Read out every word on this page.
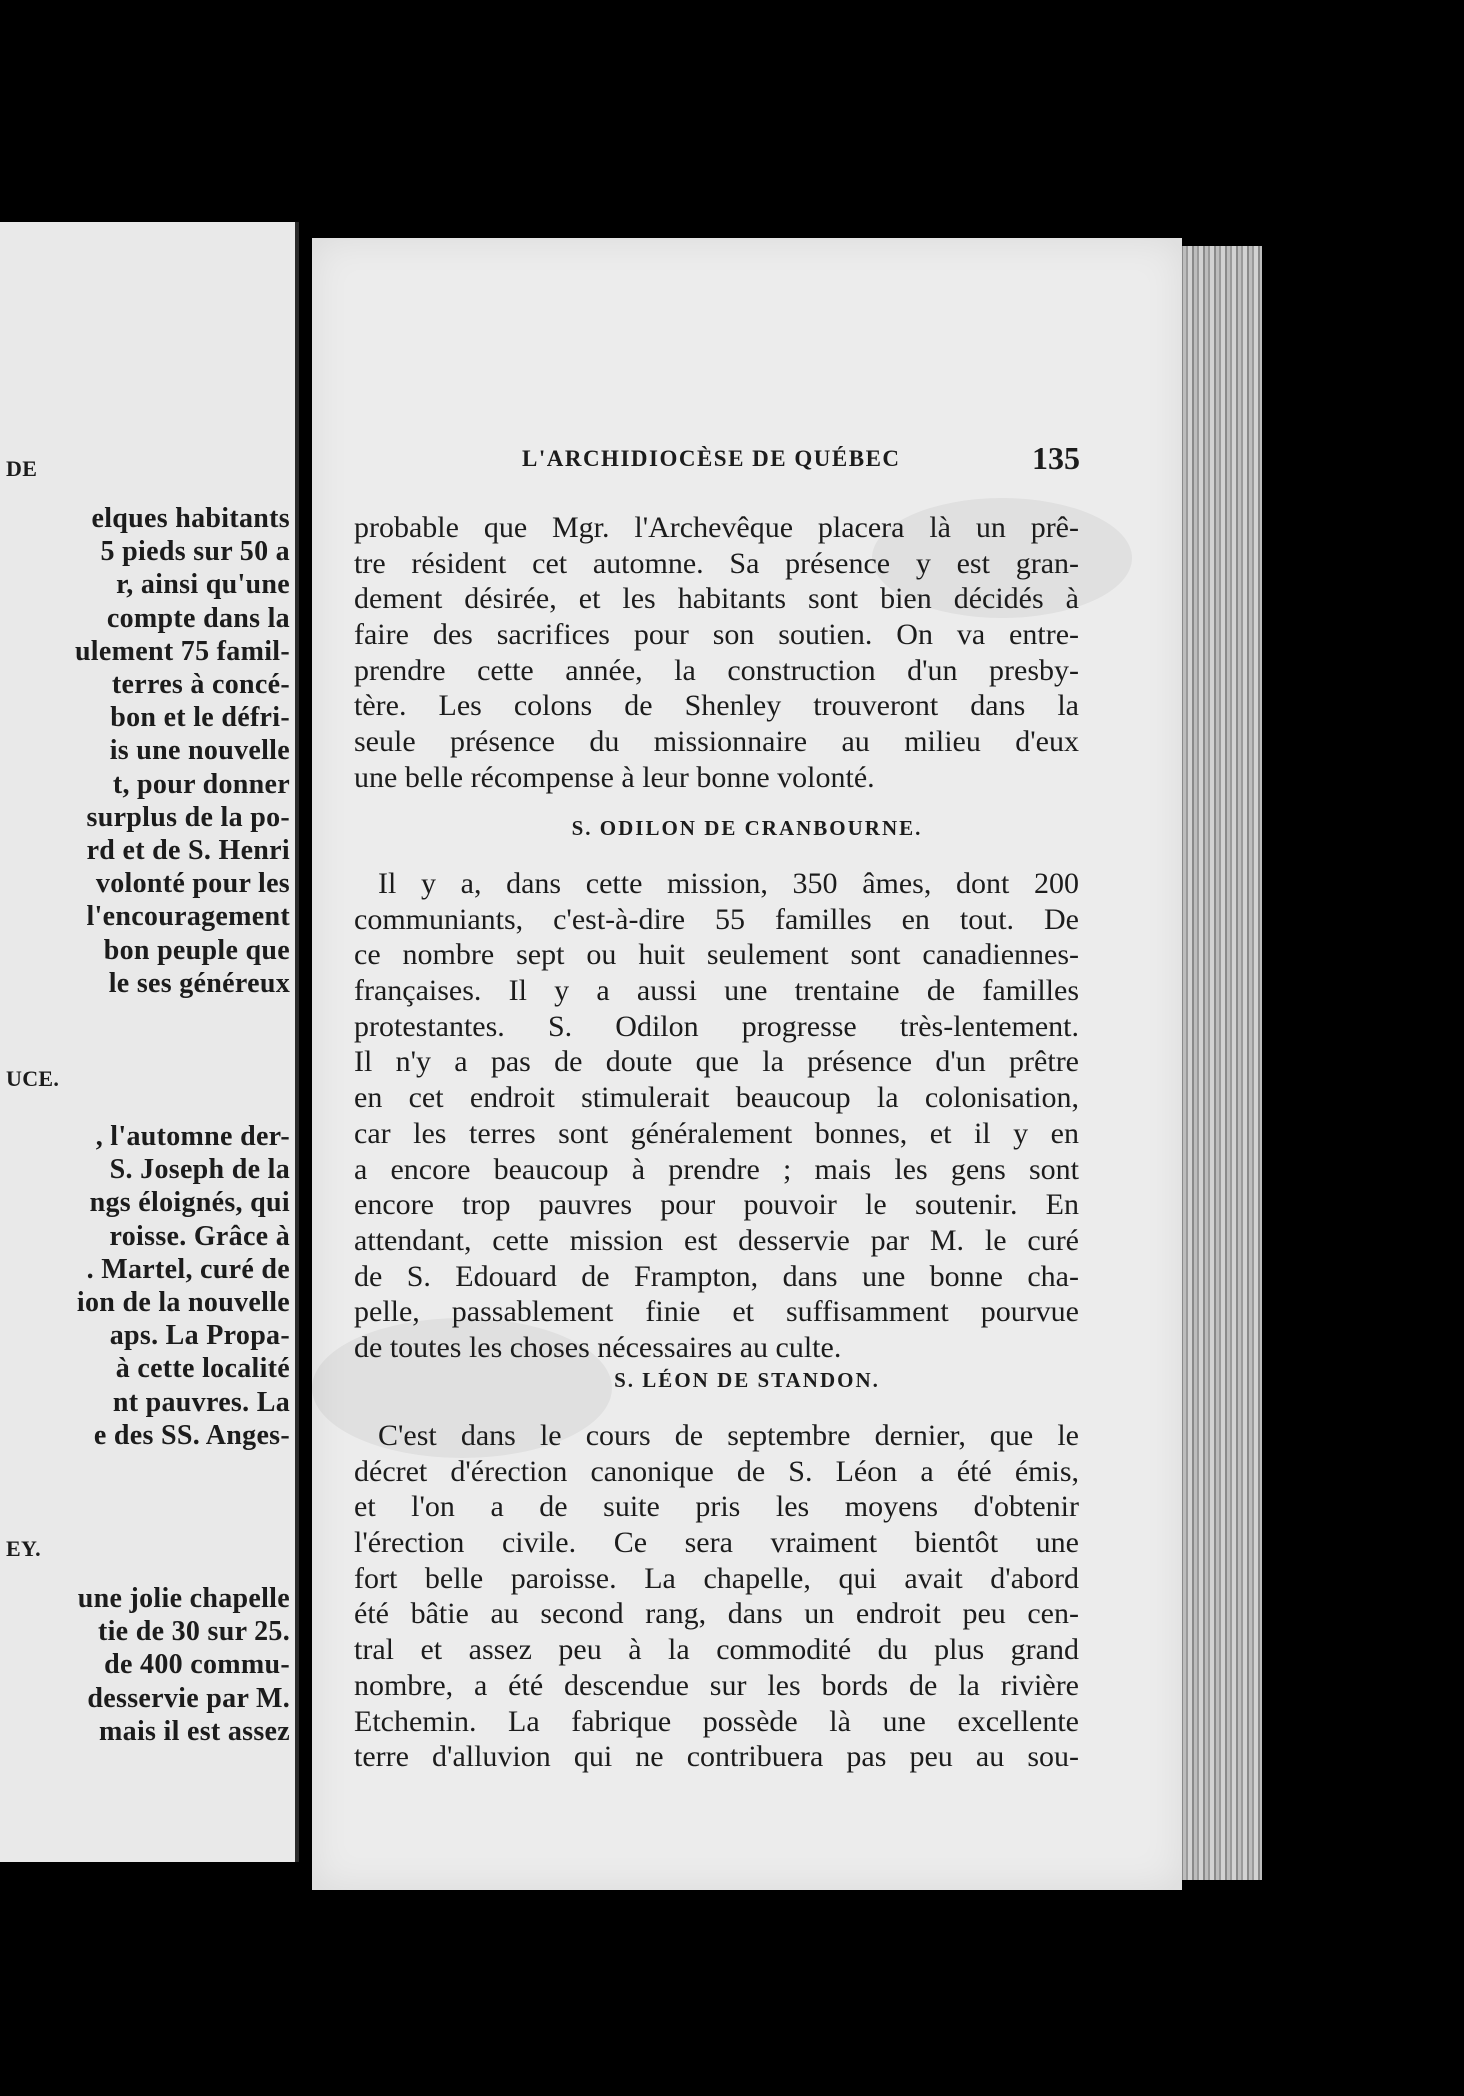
DE
elques habitants
5 pieds sur 50 a
r, ainsi qu'une
compte dans la
ulement 75 famil-
terres à concé-
bon et le défri-
is une nouvelle
t, pour donner
surplus de la po-
rd et de S. Henri
volonté pour les
l'encouragement
bon peuple que
le ses généreux
UCE.
, l'automne der-
S. Joseph de la
ngs éloignés, qui
roisse. Grâce à
. Martel, curé de
ion de la nouvelle
aps. La Propa-
à cette localité
nt pauvres. La
e des SS. Anges-
EY.
une jolie chapelle
tie de 30 sur 25.
de 400 commu-
desservie par M.
mais il est assez
L'ARCHIDIOCÈSE DE QUÉBEC	135
probable que Mgr. l'Archevêque placera là un prê-
tre résident cet automne. Sa présence y est gran-
dement désirée, et les habitants sont bien décidés à
faire des sacrifices pour son soutien. On va entre-
prendre cette année, la construction d'un presby-
tère. Les colons de Shenley trouveront dans la
seule présence du missionnaire au milieu d'eux
une belle récompense à leur bonne volonté.
S. ODILON DE CRANBOURNE.
Il y a, dans cette mission, 350 âmes, dont 200
communiants, c'est-à-dire 55 familles en tout. De
ce nombre sept ou huit seulement sont canadiennes-
françaises. Il y a aussi une trentaine de familles
protestantes. S. Odilon progresse très-lentement.
Il n'y a pas de doute que la présence d'un prêtre
en cet endroit stimulerait beaucoup la colonisation,
car les terres sont généralement bonnes, et il y en
a encore beaucoup à prendre ; mais les gens sont
encore trop pauvres pour pouvoir le soutenir. En
attendant, cette mission est desservie par M. le curé
de S. Edouard de Frampton, dans une bonne cha-
pelle, passablement finie et suffisamment pourvue
de toutes les choses nécessaires au culte.
S. LÉON DE STANDON.
C'est dans le cours de septembre dernier, que le
décret d'érection canonique de S. Léon a été émis,
et l'on a de suite pris les moyens d'obtenir
l'érection civile. Ce sera vraiment bientôt une
fort belle paroisse. La chapelle, qui avait d'abord
été bâtie au second rang, dans un endroit peu cen-
tral et assez peu à la commodité du plus grand
nombre, a été descendue sur les bords de la rivière
Etchemin. La fabrique possède là une excellente
terre d'alluvion qui ne contribuera pas peu au sou-
